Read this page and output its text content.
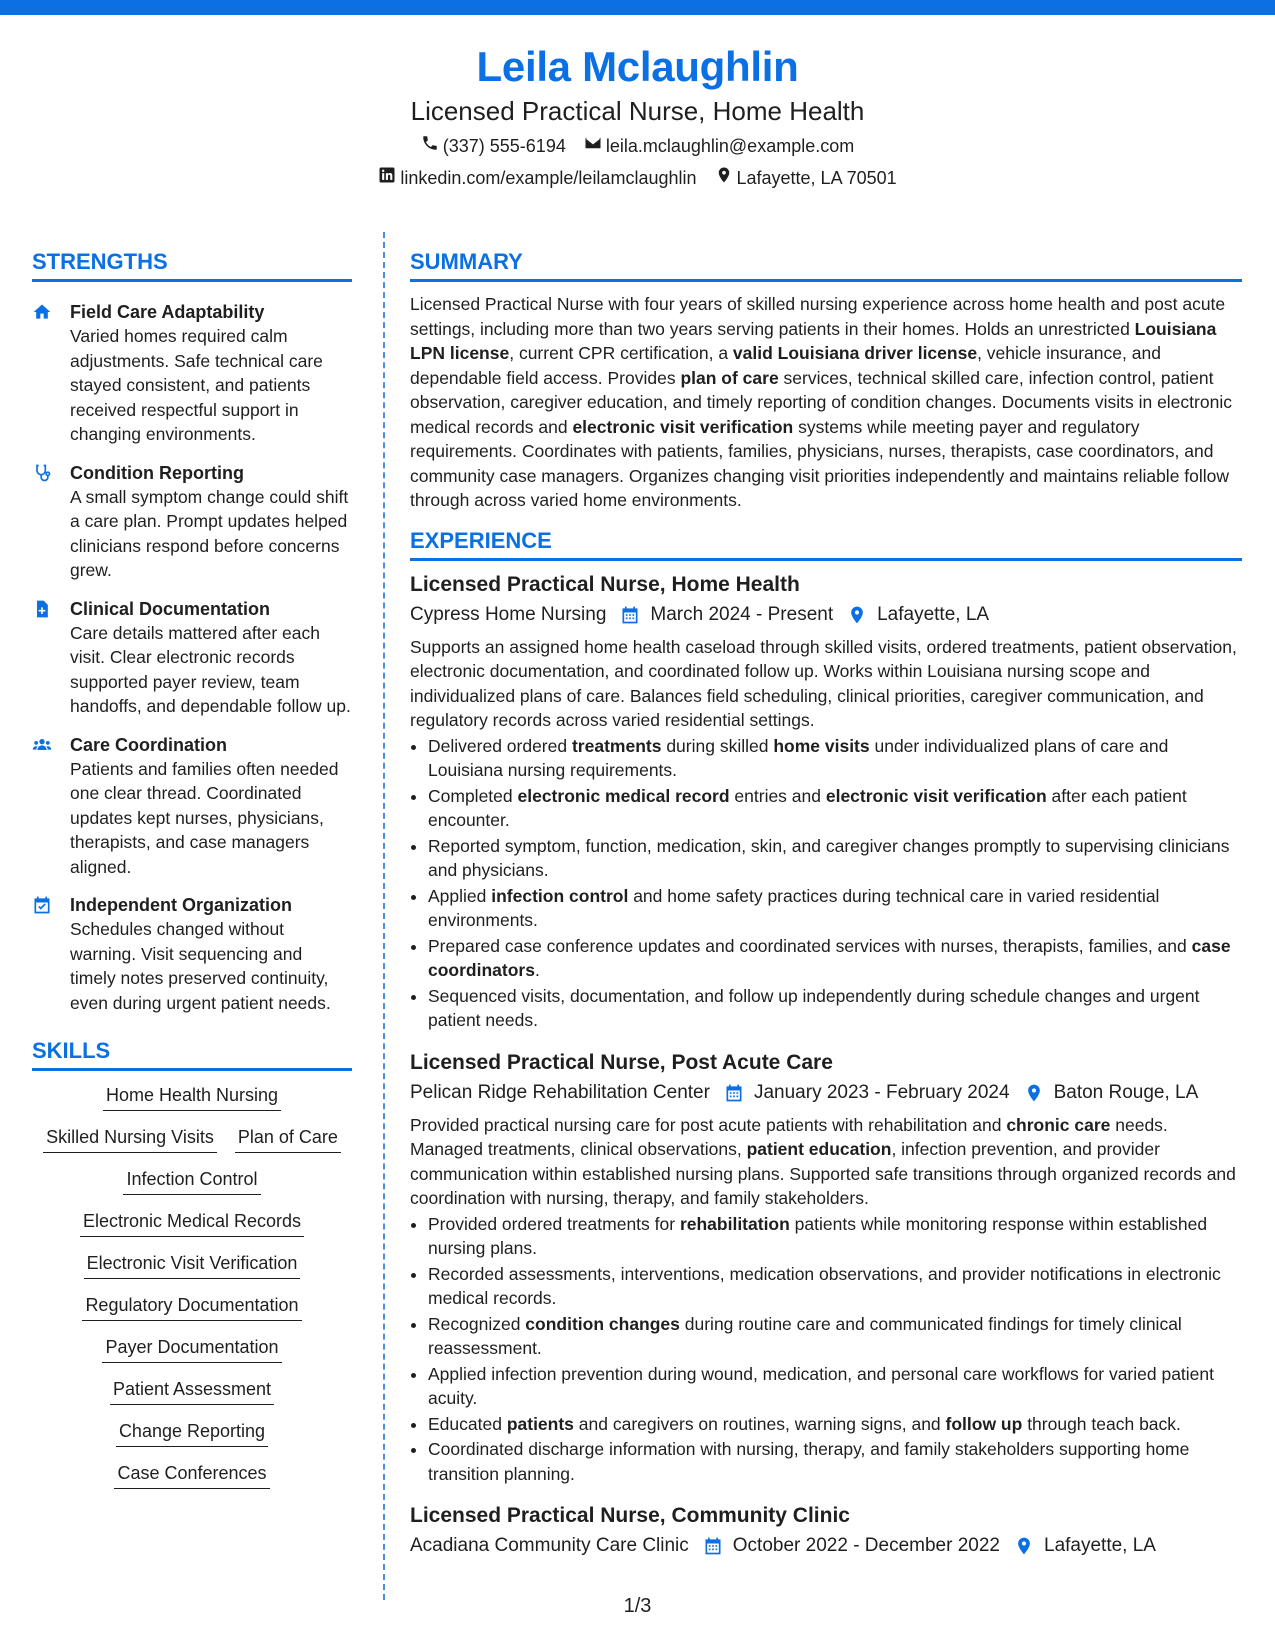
Leila Mclaughlin
Licensed Practical Nurse, Home Health
(337) 555-6194 leila.mclaughlin@example.com
linkedin.com/example/leilamclaughlin Lafayette, LA 70501
STRENGTHS
Field Care Adaptability
Varied homes required calm adjustments. Safe technical care stayed consistent, and patients received respectful support in changing environments.
Condition Reporting
A small symptom change could shift a care plan. Prompt updates helped clinicians respond before concerns grew.
Clinical Documentation
Care details mattered after each visit. Clear electronic records supported payer review, team handoffs, and dependable follow up.
Care Coordination
Patients and families often needed one clear thread. Coordinated updates kept nurses, physicians, therapists, and case managers aligned.
Independent Organization
Schedules changed without warning. Visit sequencing and timely notes preserved continuity, even during urgent patient needs.
SKILLS
Home Health Nursing
Skilled Nursing Visits Plan of Care
Infection Control
Electronic Medical Records
Electronic Visit Verification
Regulatory Documentation
Payer Documentation
Patient Assessment
Change Reporting
Case Conferences
SUMMARY
Licensed Practical Nurse with four years of skilled nursing experience across home health and post acute settings, including more than two years serving patients in their homes. Holds an unrestricted Louisiana LPN license, current CPR certification, a valid Louisiana driver license, vehicle insurance, and dependable field access. Provides plan of care services, technical skilled care, infection control, patient observation, caregiver education, and timely reporting of condition changes. Documents visits in electronic medical records and electronic visit verification systems while meeting payer and regulatory requirements. Coordinates with patients, families, physicians, nurses, therapists, case coordinators, and community case managers. Organizes changing visit priorities independently and maintains reliable follow through across varied home environments.
EXPERIENCE
Licensed Practical Nurse, Home Health
Cypress Home Nursing March 2024 - Present Lafayette, LA
Supports an assigned home health caseload through skilled visits, ordered treatments, patient observation, electronic documentation, and coordinated follow up. Works within Louisiana nursing scope and individualized plans of care. Balances field scheduling, clinical priorities, caregiver communication, and regulatory records across varied residential settings.
• Delivered ordered treatments during skilled home visits under individualized plans of care and Louisiana nursing requirements.
• Completed electronic medical record entries and electronic visit verification after each patient encounter.
• Reported symptom, function, medication, skin, and caregiver changes promptly to supervising clinicians and physicians.
• Applied infection control and home safety practices during technical care in varied residential environments.
• Prepared case conference updates and coordinated services with nurses, therapists, families, and case coordinators.
• Sequenced visits, documentation, and follow up independently during schedule changes and urgent patient needs.
Licensed Practical Nurse, Post Acute Care
Pelican Ridge Rehabilitation Center January 2023 - February 2024 Baton Rouge, LA
Provided practical nursing care for post acute patients with rehabilitation and chronic care needs. Managed treatments, clinical observations, patient education, infection prevention, and provider communication within established nursing plans. Supported safe transitions through organized records and coordination with nursing, therapy, and family stakeholders.
• Provided ordered treatments for rehabilitation patients while monitoring response within established nursing plans.
• Recorded assessments, interventions, medication observations, and provider notifications in electronic medical records.
• Recognized condition changes during routine care and communicated findings for timely clinical reassessment.
• Applied infection prevention during wound, medication, and personal care workflows for varied patient acuity.
• Educated patients and caregivers on routines, warning signs, and follow up through teach back.
• Coordinated discharge information with nursing, therapy, and family stakeholders supporting home transition planning.
Licensed Practical Nurse, Community Clinic
Acadiana Community Care Clinic October 2022 - December 2022 Lafayette, LA
1/3
